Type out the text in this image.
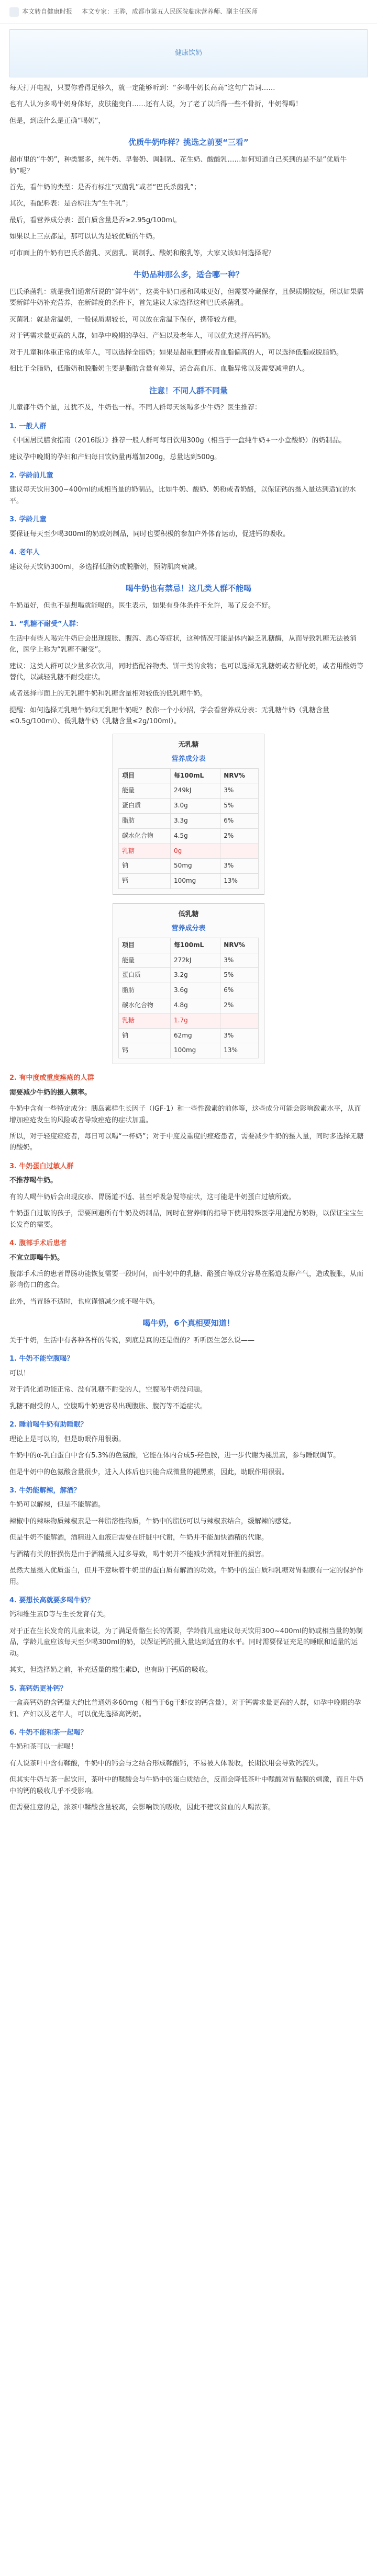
本文转自健康时报 本文专家：王骅，成都市第五人民医院临床营养师、副主任医师
健康饮奶

每天打开电视，只要你看得足够久，就一定能够听到：“多喝牛奶长高高”这句广告词……

也有人认为多喝牛奶身体好，皮肤能变白……还有人说，为了老了以后得一些不骨折，牛奶得喝！

但是，到底什么是正确“喝奶”，

优质牛奶咋样？挑选之前要“三看”

超市里的“牛奶”，种类繁多，纯牛奶、早餐奶、调制乳、花生奶、酸酸乳……如何知道自己买到的是不是“优质牛奶”呢？

首先，看牛奶的类型：是否有标注“灭菌乳”或者“巴氏杀菌乳”；

其次，看配料表：是否标注为“生牛乳”；

最后，看营养成分表：蛋白质含量是否≥2.95g/100ml。

如果以上三点都是，那可以认为是较优质的牛奶。

可市面上的牛奶有巴氏杀菌乳、灭菌乳、调制乳、酸奶和酸乳等，大家又该如何选择呢？

牛奶品种那么多，适合哪一种？

巴氏杀菌乳：就是我们通常所说的“鲜牛奶”，这类牛奶口感和风味更好，但需要冷藏保存，且保质期较短，所以如果需要新鲜牛奶补充营养，在新鲜度的条件下，首先建议大家选择这种巴氏杀菌乳。

灭菌乳：就是常温奶，一般保质期较长，可以放在常温下保存，携带较方便。

对于钙需求量更高的人群，如孕中晚期的孕妇、产妇以及老年人，可以优先选择高钙奶。

对于儿童和体重正常的成年人，可以选择全脂奶；如果是超重肥胖或者血脂偏高的人，可以选择低脂或脱脂奶。

相比于全脂奶，低脂奶和脱脂奶主要是脂肪含量有差异，适合高血压、血脂异常以及需要减重的人。

注意！不同人群不同量

儿童都牛奶个量，过犹不及，牛奶也一样。不同人群每天该喝多少牛奶？医生推荐：

1. 一般人群

《中国居民膳食指南（2016版）》推荐一般人群可每日饮用300g（相当于一盒纯牛奶+一小盒酸奶）的奶制品。

建议孕中晚期的孕妇和产妇每日饮奶量再增加200g，总量达到500g。

2. 学龄前儿童

建议每天饮用300~400ml的或相当量的奶制品，比如牛奶、酸奶、奶粉或者奶酪，以保证钙的摄入量达到适宜的水平。

3. 学龄儿童

要保证每天至少喝300ml的奶或奶制品，同时也要积极的参加户外体育运动，促进钙的吸收。

4. 老年人

建议每天饮奶300ml，多选择低脂奶或脱脂奶，预防肌肉衰减。

喝牛奶也有禁忌！这几类人群不能喝

牛奶虽好，但也不是想喝就能喝的。医生表示，如果有身体条件不允许，喝了反会不好。

1. “乳糖不耐受”人群：

生活中有些人喝完牛奶后会出现腹胀、腹泻、恶心等症状，这种情况可能是体内缺乏乳糖酶，从而导致乳糖无法被消化，医学上称为“乳糖不耐受”。

建议：这类人群可以少量多次饮用，同时搭配谷物类、饼干类的食物；也可以选择无乳糖奶或者舒化奶，或者用酸奶等替代，以减轻乳糖不耐受症状。

或者选择市面上的无乳糖牛奶和乳糖含量相对较低的低乳糖牛奶。

提醒：如何选择无乳糖牛奶和无乳糖牛奶呢？教你一个小妙招，学会看营养成分表：无乳糖牛奶（乳糖含量≤0.5g/100ml）、低乳糖牛奶（乳糖含量≤2g/100ml）。

无乳糖
营养成分表
项目	每100mL	NRV%
能量	249kJ	3%
蛋白质	3.0g	5%
脂肪	3.3g	6%
碳水化合物	4.5g	2%
乳糖	0g	
钠	50mg	3%
钙	100mg	13%
低乳糖
营养成分表
项目	每100mL	NRV%
能量	272kJ	3%
蛋白质	3.2g	5%
脂肪	3.6g	6%
碳水化合物	4.8g	2%
乳糖	1.7g	
钠	62mg	3%
钙	100mg	13%
2. 有中度或重度痤疮的人群

需要减少牛奶的摄入频率。

牛奶中含有一些特定成分：胰岛素样生长因子（IGF-1）和一些性激素的前体等，这些成分可能会影响激素水平，从而增加痤疮发生的风险或者导致痤疮的症状加重。

所以，对于轻度痤疮者，每日可以喝“一杯奶”；对于中度及重度的痤疮患者，需要减少牛奶的摄入量，同时多选择无糖的酸奶。

3. 牛奶蛋白过敏人群

不推荐喝牛奶。

有的人喝牛奶后会出现皮疹、胃肠道不适、甚至呼吸急促等症状，这可能是牛奶蛋白过敏所致。

牛奶蛋白过敏的孩子，需要回避所有牛奶及奶制品，同时在营养师的指导下使用特殊医学用途配方奶粉，以保证宝宝生长发育的需要。

4. 腹部手术后患者

不宜立即喝牛奶。

腹部手术后的患者胃肠功能恢复需要一段时间，而牛奶中的乳糖、酪蛋白等成分容易在肠道发酵产气，造成腹胀，从而影响伤口的愈合。

此外，当胃肠不适时，也应谨慎减少或不喝牛奶。

喝牛奶，6个真相要知道！

关于牛奶，生活中有各种各样的传说，到底是真的还是假的？听听医生怎么说——

1. 牛奶不能空腹喝？

可以！

对于消化道功能正常、没有乳糖不耐受的人，空腹喝牛奶没问题。

乳糖不耐受的人，空腹喝牛奶更容易出现腹胀、腹泻等不适症状。

2. 睡前喝牛奶有助睡眠？

理论上是可以的，但是助眠作用很弱。

牛奶中的α-乳白蛋白中含有5.3%的色氨酸，它能在体内合成5-羟色胺，进一步代谢为褪黑素，参与睡眠调节。

但是牛奶中的色氨酸含量很少，进入人体后也只能合成微量的褪黑素，因此，助眠作用很弱。

3. 牛奶能解辣，解酒？

牛奶可以解辣，但是不能解酒。

辣椒中的辣味物质辣椒素是一种脂溶性物质，牛奶中的脂肪可以与辣椒素结合，缓解辣的感觉。

但是牛奶不能解酒，酒精进入血液后需要在肝脏中代谢，牛奶并不能加快酒精的代谢。

与酒精有关的肝损伤是由于酒精摄入过多导致，喝牛奶并不能减少酒精对肝脏的损害。

虽然大量摄入优质蛋白，但并不意味着牛奶里的蛋白质有解酒的功效。牛奶中的蛋白质和乳糖对胃黏膜有一定的保护作用。

4. 要想长高就要多喝牛奶？

钙和维生素D等与生长发育有关。

对于正在生长发育的儿童来说，为了满足骨骼生长的需要，学龄前儿童建议每天饮用300~400ml的奶或相当量的奶制品，学龄儿童应该每天至少喝300ml的奶，以保证钙的摄入量达到适宜的水平。同时需要保证充足的睡眠和适量的运动。

其实，但选择奶之前，补充适量的维生素D，也有助于钙质的吸收。

5. 高钙奶更补钙？

一盒高钙奶的含钙量大约比普通奶多60mg（相当于6g干虾皮的钙含量），对于钙需求量更高的人群，如孕中晚期的孕妇、产妇以及老年人，可以优先选择高钙奶。

6. 牛奶不能和茶一起喝？

牛奶和茶可以一起喝！

有人说茶叶中含有鞣酸，牛奶中的钙会与之结合形成鞣酸钙，不易被人体吸收，长期饮用会导致钙流失。

但其实牛奶与茶一起饮用，茶叶中的鞣酸会与牛奶中的蛋白质结合，反而会降低茶叶中鞣酸对胃黏膜的刺激，而且牛奶中的钙的吸收几乎不受影响。

但需要注意的是，浓茶中鞣酸含量较高，会影响铁的吸收，因此不建议贫血的人喝浓茶。
